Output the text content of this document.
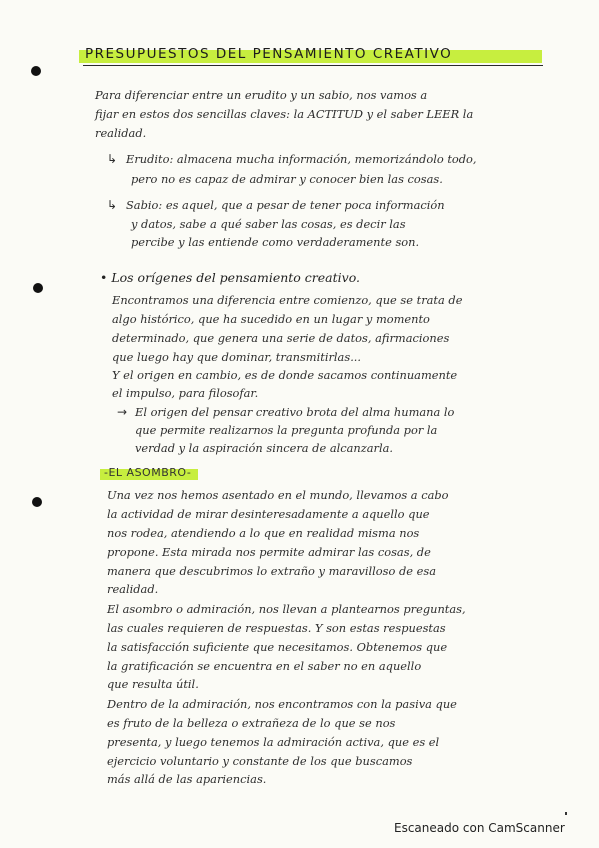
PRESUPUESTOS DEL PENSAMIENTO CREATIVO
Para diferenciar entre un erudito y un sabio, nos vamos a
fijar en estos dos sencillas claves: la ACTITUD y el saber LEER la
realidad.
↳ Erudito: almacena mucha información, memorizándolo todo,
pero no es capaz de admirar y conocer bien las cosas.
↳ Sabio: es aquel, que a pesar de tener poca información
y datos, sabe a qué saber las cosas, es decir las
percibe y las entiende como verdaderamente son.
• Los orígenes del pensamiento creativo.
Encontramos una diferencia entre comienzo, que se trata de
algo histórico, que ha sucedido en un lugar y momento
determinado, que genera una serie de datos, afirmaciones
que luego hay que dominar, transmitirlas...
Y el origen en cambio, es de donde sacamos continuamente
el impulso, para filosofar.
→ El origen del pensar creativo brota del alma humana lo
que permite realizarnos la pregunta profunda por la
verdad y la aspiración sincera de alcanzarla.
-EL ASOMBRO-
Una vez nos hemos asentado en el mundo, llevamos a cabo
la actividad de mirar desinteresadamente a aquello que
nos rodea, atendiendo a lo que en realidad misma nos
propone. Esta mirada nos permite admirar las cosas, de
manera que descubrimos lo extraño y maravilloso de esa
realidad.
El asombro o admiración, nos llevan a plantearnos preguntas,
las cuales requieren de respuestas. Y son estas respuestas
la satisfacción suficiente que necesitamos. Obtenemos que
la gratificación se encuentra en el saber no en aquello
que resulta útil.
Dentro de la admiración, nos encontramos con la pasiva que
es fruto de la belleza o extrañeza de lo que se nos
presenta, y luego tenemos la admiración activa, que es el
ejercicio voluntario y constante de los que buscamos
más allá de las apariencias.
Escaneado con CamScanner
